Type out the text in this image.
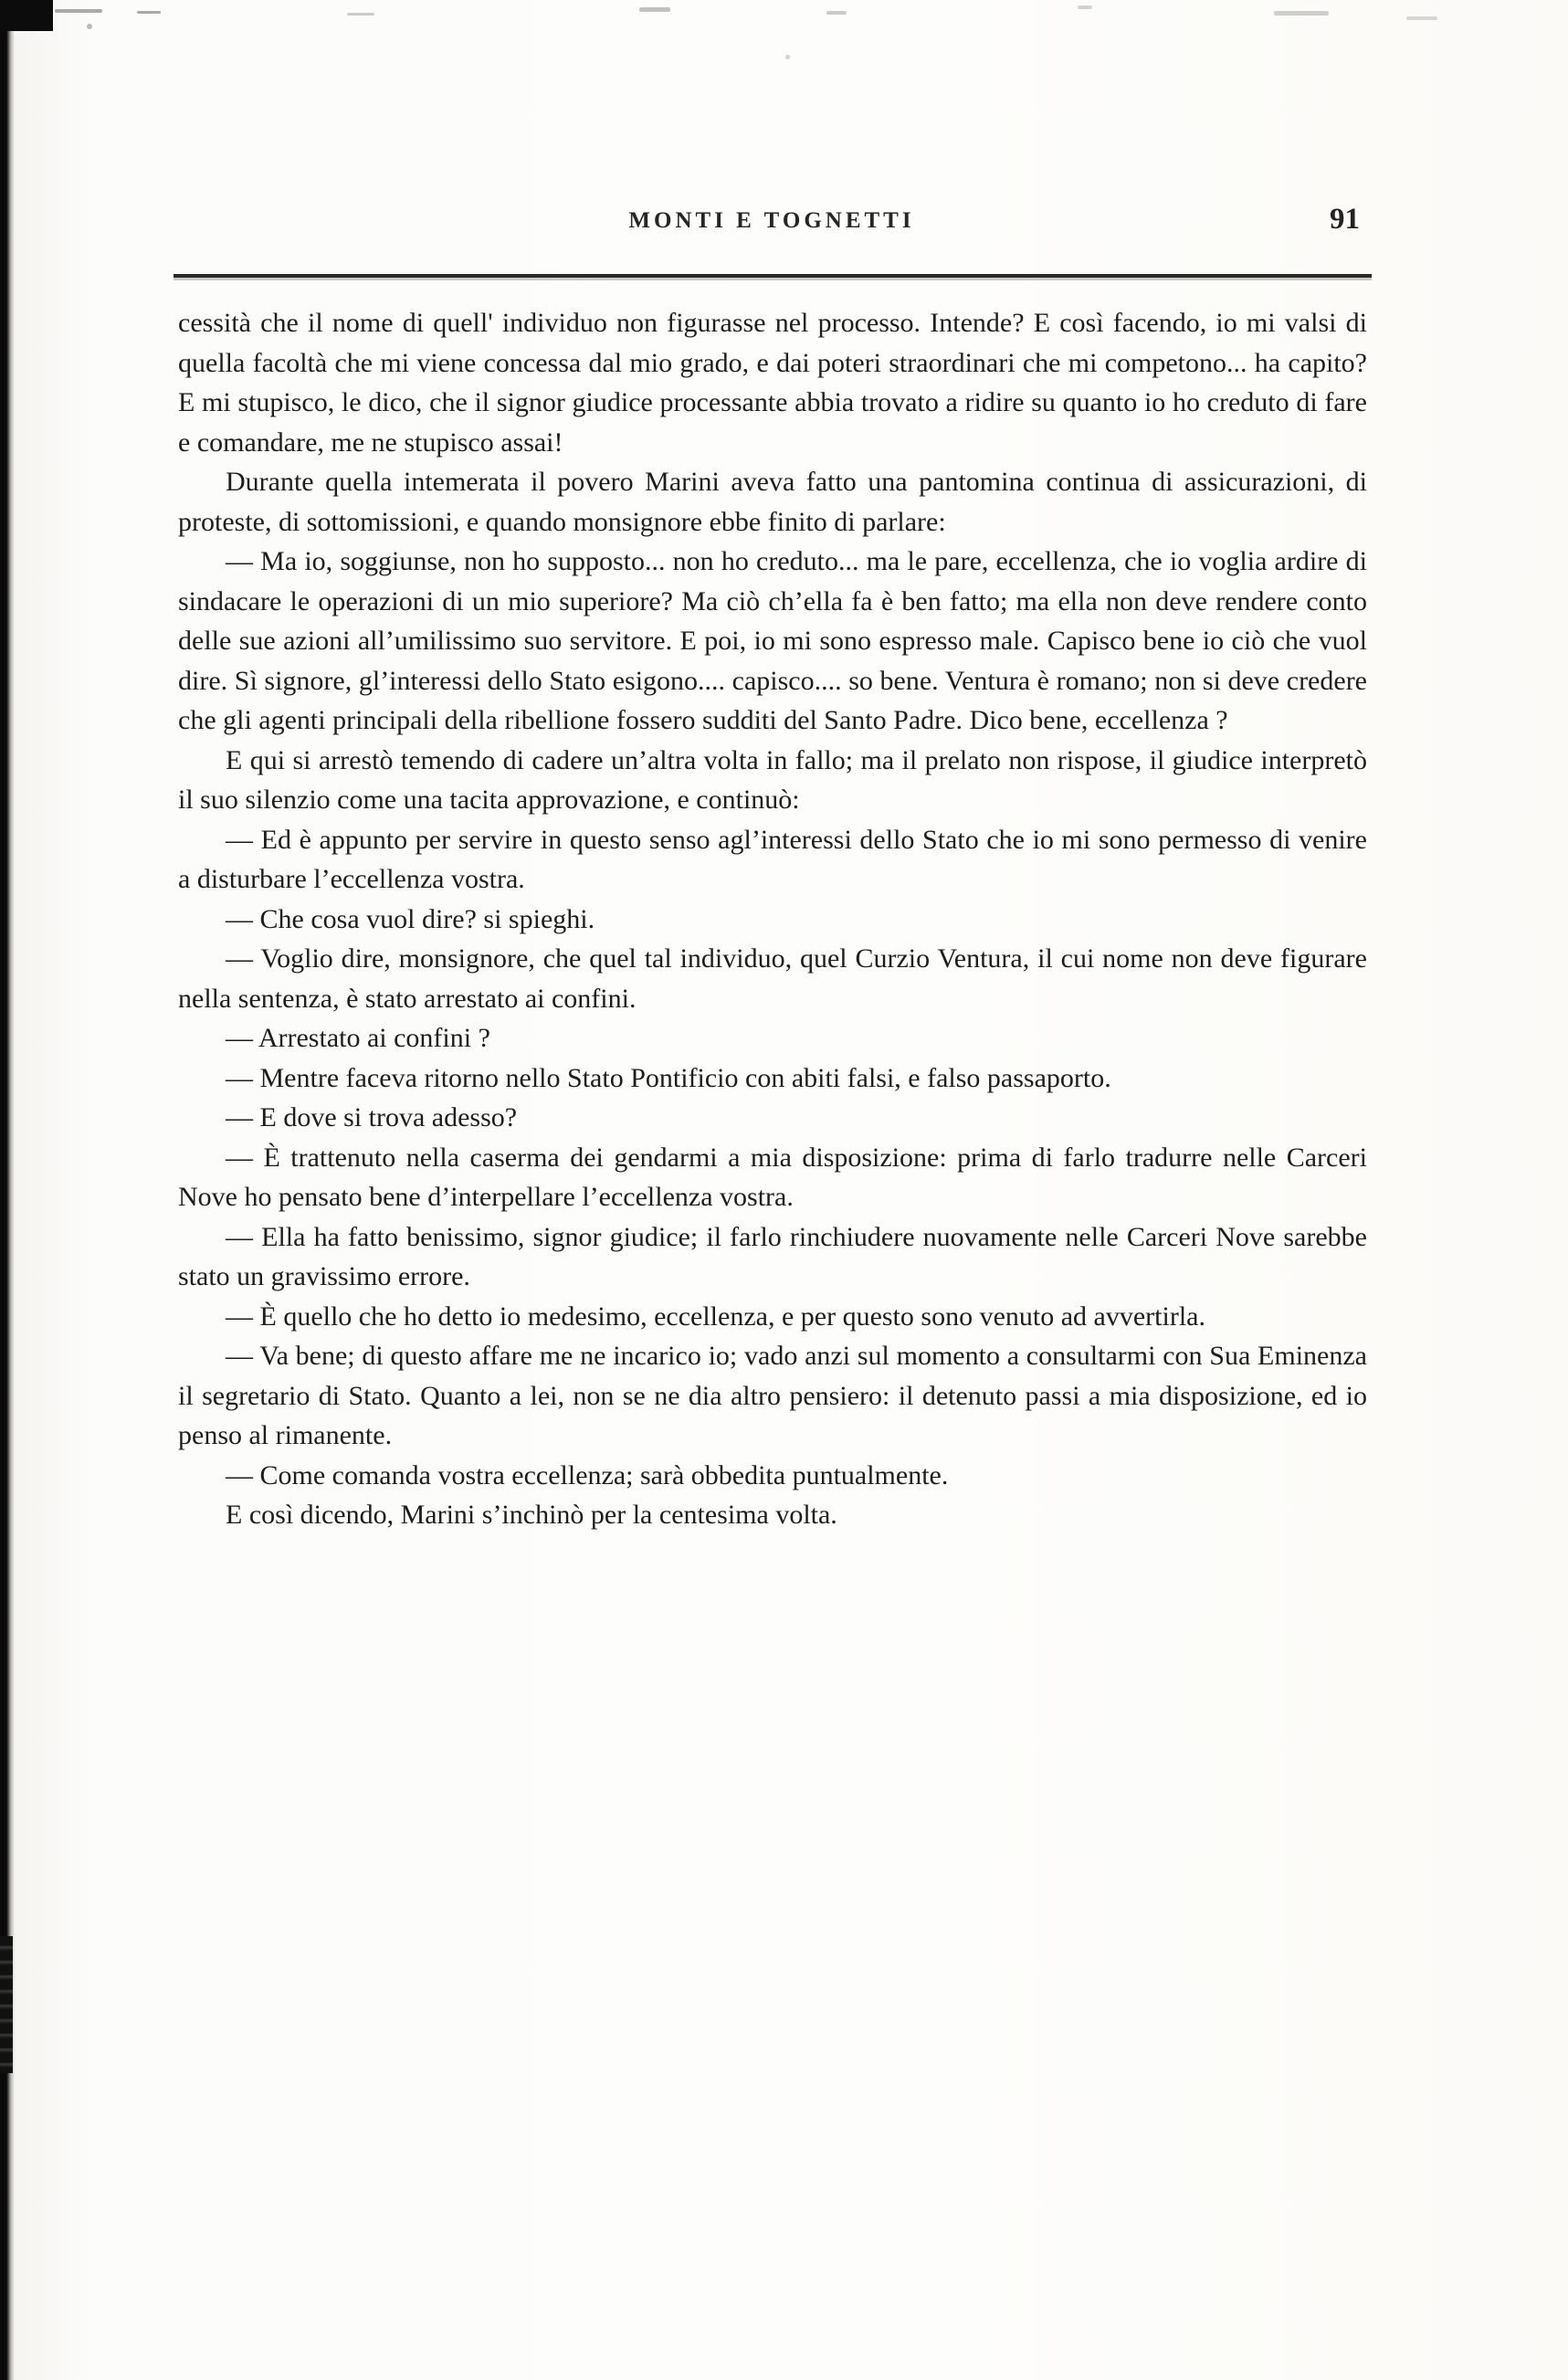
MONTI E TOGNETTI	91

cessità che il nome di quell' individuo non figurasse nel processo. Intende? E così facendo, io mi valsi di quella facoltà che mi viene concessa dal mio grado, e dai poteri straordinari che mi competono... ha capito? E mi stupisco, le dico, che il signor giudice processante abbia trovato a ridire su quanto io ho creduto di fare e comandare, me ne stupisco assai!

Durante quella intemerata il povero Marini aveva fatto una pantomina continua di assicurazioni, di proteste, di sottomissioni, e quando monsignore ebbe finito di parlare:

— Ma io, soggiunse, non ho supposto... non ho creduto... ma le pare, eccellenza, che io voglia ardire di sindacare le operazioni di un mio superiore? Ma ciò ch’ella fa è ben fatto; ma ella non deve rendere conto delle sue azioni all’umilissimo suo servitore. E poi, io mi sono espresso male. Capisco bene io ciò che vuol dire. Sì signore, gl’interessi dello Stato esigono.... capisco.... so bene. Ventura è romano; non si deve credere che gli agenti principali della ribellione fossero sudditi del Santo Padre. Dico bene, eccellenza ?

E qui si arrestò temendo di cadere un’altra volta in fallo; ma il prelato non rispose, il giudice interpretò il suo silenzio come una tacita approvazione, e continuò:

— Ed è appunto per servire in questo senso agl’interessi dello Stato che io mi sono permesso di venire a disturbare l’eccellenza vostra.

— Che cosa vuol dire? si spieghi.

— Voglio dire, monsignore, che quel tal individuo, quel Curzio Ventura, il cui nome non deve figurare nella sentenza, è stato arrestato ai confini.

— Arrestato ai confini ?

— Mentre faceva ritorno nello Stato Pontificio con abiti falsi, e falso passaporto.

— E dove si trova adesso?

— È trattenuto nella caserma dei gendarmi a mia disposizione: prima di farlo tradurre nelle Carceri Nove ho pensato bene d’interpellare l’eccellenza vostra.

— Ella ha fatto benissimo, signor giudice; il farlo rinchiudere nuovamente nelle Carceri Nove sarebbe stato un gravissimo errore.

— È quello che ho detto io medesimo, eccellenza, e per questo sono venuto ad avvertirla.

— Va bene; di questo affare me ne incarico io; vado anzi sul momento a consultarmi con Sua Eminenza il segretario di Stato. Quanto a lei, non se ne dia altro pensiero: il detenuto passi a mia disposizione, ed io penso al rimanente.

— Come comanda vostra eccellenza; sarà obbedita puntualmente.

E così dicendo, Marini s’inchinò per la centesima volta.
